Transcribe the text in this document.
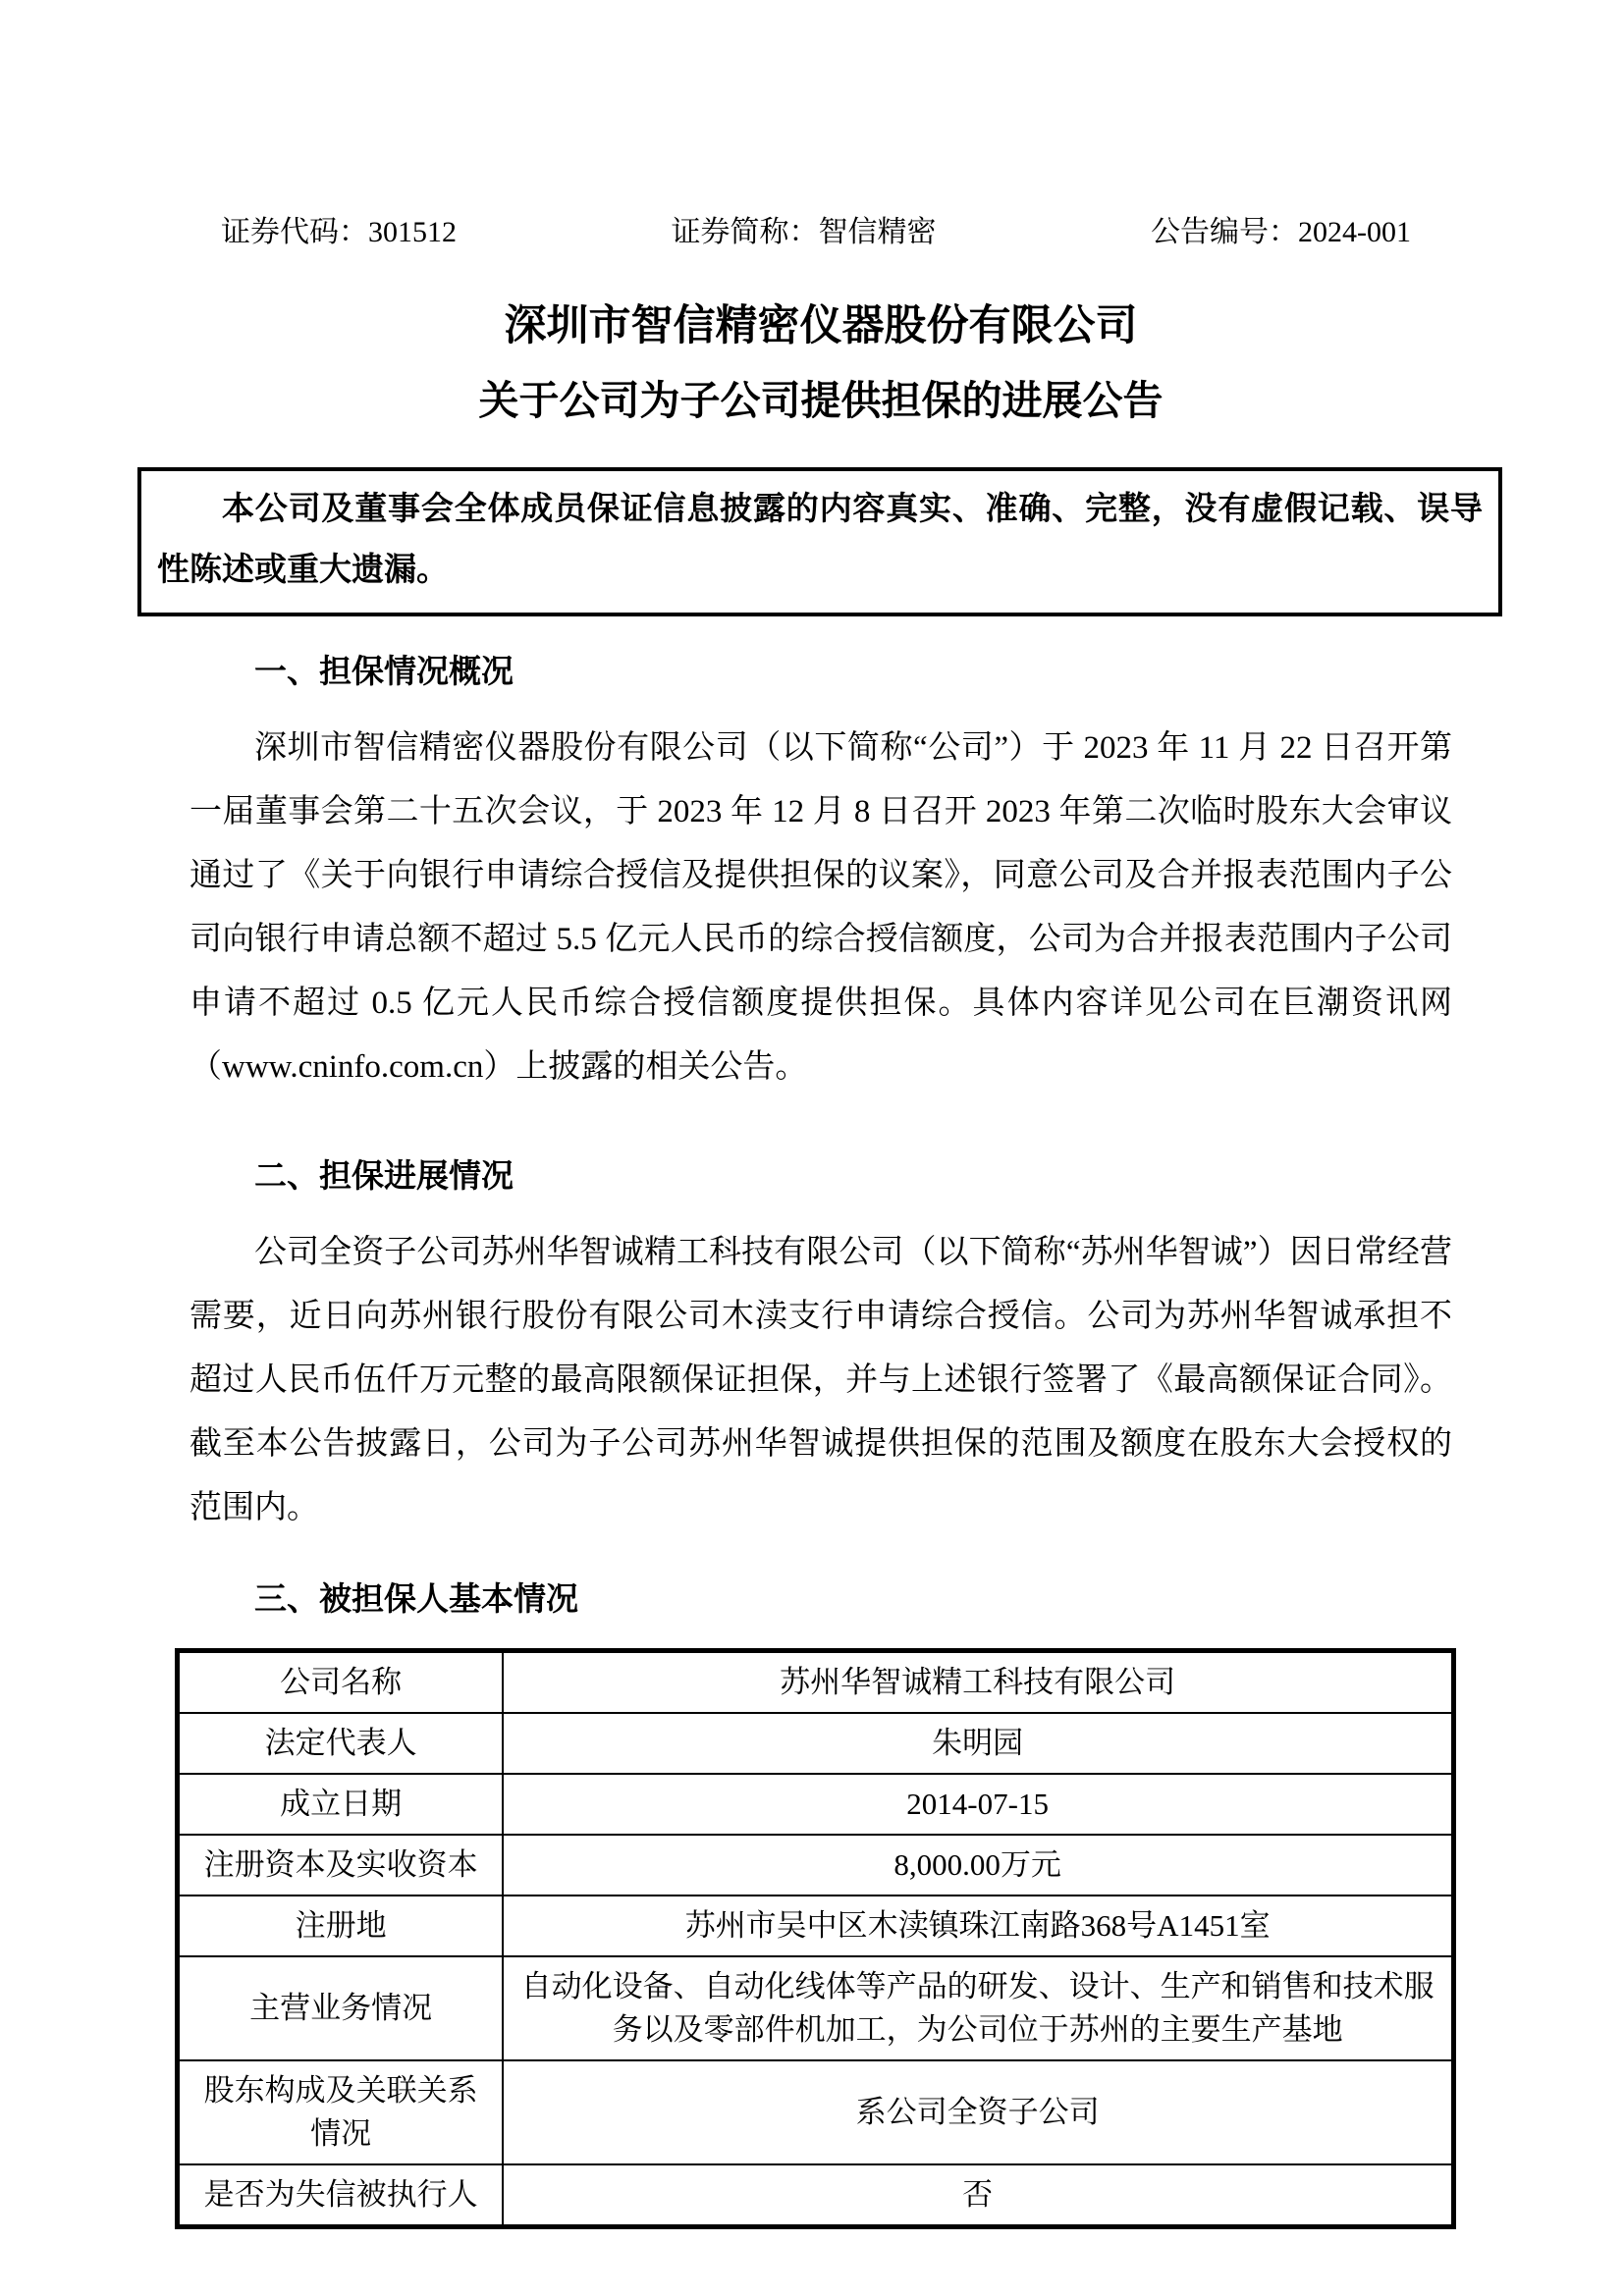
证券代码：301512	证券简称：智信精密	公告编号：2024-001
深圳市智信精密仪器股份有限公司
关于公司为子公司提供担保的进展公告

本公司及董事会全体成员保证信息披露的内容真实、准确、完整，没有虚假记载、误导性陈述或重大遗漏。

一、担保情况概况

深圳市智信精密仪器股份有限公司（以下简称“公司”）于 2023 年 11 月 22 日召开第一届董事会第二十五次会议，于 2023 年 12 月 8 日召开 2023 年第二次临时股东大会审议通过了《关于向银行申请综合授信及提供担保的议案》，同意公司及合并报表范围内子公司向银行申请总额不超过 5.5 亿元人民币的综合授信额度，公司为合并报表范围内子公司申请不超过 0.5 亿元人民币综合授信额度提供担保。具体内容详见公司在巨潮资讯网（www.cninfo.com.cn）上披露的相关公告。

二、担保进展情况

公司全资子公司苏州华智诚精工科技有限公司（以下简称“苏州华智诚”）因日常经营需要，近日向苏州银行股份有限公司木渎支行申请综合授信。公司为苏州华智诚承担不超过人民币伍仟万元整的最高限额保证担保，并与上述银行签署了《最高额保证合同》。截至本公告披露日，公司为子公司苏州华智诚提供担保的范围及额度在股东大会授权的范围内。

三、被担保人基本情况
公司名称	苏州华智诚精工科技有限公司
法定代表人	朱明园
成立日期	2014-07-15
注册资本及实收资本	8,000.00万元
注册地	苏州市吴中区木渎镇珠江南路368号A1451室
主营业务情况	自动化设备、自动化线体等产品的研发、设计、生产和销售和技术服务以及零部件机加工，为公司位于苏州的主要生产基地
股东构成及关联关系情况	系公司全资子公司
是否为失信被执行人	否
